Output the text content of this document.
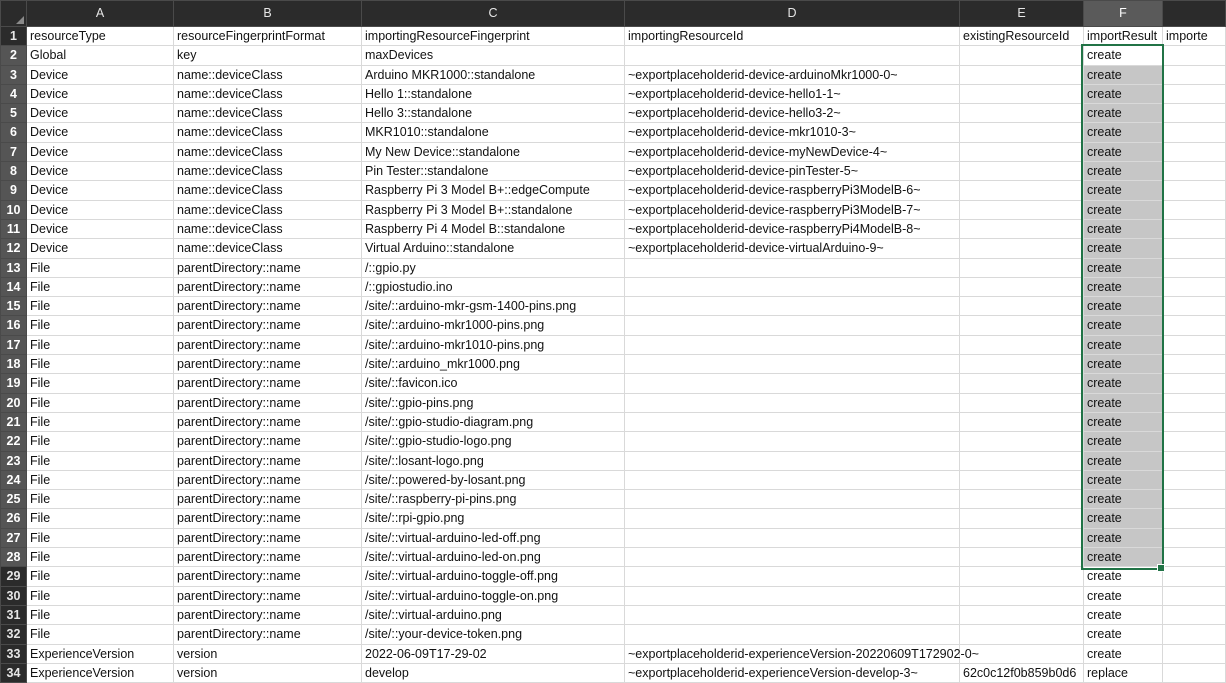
	A	B	C	D	E	F	
1	resourceType	resourceFingerprintFormat	importingResourceFingerprint	importingResourceId	existingResourceId	importResult	importe
2	Global	key	maxDevices			create	
3	Device	name::deviceClass	Arduino MKR1000::standalone	~exportplaceholderid-device-arduinoMkr1000-0~		create	
4	Device	name::deviceClass	Hello 1::standalone	~exportplaceholderid-device-hello1-1~		create	
5	Device	name::deviceClass	Hello 3::standalone	~exportplaceholderid-device-hello3-2~		create	
6	Device	name::deviceClass	MKR1010::standalone	~exportplaceholderid-device-mkr1010-3~		create	
7	Device	name::deviceClass	My New Device::standalone	~exportplaceholderid-device-myNewDevice-4~		create	
8	Device	name::deviceClass	Pin Tester::standalone	~exportplaceholderid-device-pinTester-5~		create	
9	Device	name::deviceClass	Raspberry Pi 3 Model B+::edgeCompute	~exportplaceholderid-device-raspberryPi3ModelB-6~		create	
10	Device	name::deviceClass	Raspberry Pi 3 Model B+::standalone	~exportplaceholderid-device-raspberryPi3ModelB-7~		create	
11	Device	name::deviceClass	Raspberry Pi 4 Model B::standalone	~exportplaceholderid-device-raspberryPi4ModelB-8~		create	
12	Device	name::deviceClass	Virtual Arduino::standalone	~exportplaceholderid-device-virtualArduino-9~		create	
13	File	parentDirectory::name	/::gpio.py			create	
14	File	parentDirectory::name	/::gpiostudio.ino			create	
15	File	parentDirectory::name	/site/::arduino-mkr-gsm-1400-pins.png			create	
16	File	parentDirectory::name	/site/::arduino-mkr1000-pins.png			create	
17	File	parentDirectory::name	/site/::arduino-mkr1010-pins.png			create	
18	File	parentDirectory::name	/site/::arduino_mkr1000.png			create	
19	File	parentDirectory::name	/site/::favicon.ico			create	
20	File	parentDirectory::name	/site/::gpio-pins.png			create	
21	File	parentDirectory::name	/site/::gpio-studio-diagram.png			create	
22	File	parentDirectory::name	/site/::gpio-studio-logo.png			create	
23	File	parentDirectory::name	/site/::losant-logo.png			create	
24	File	parentDirectory::name	/site/::powered-by-losant.png			create	
25	File	parentDirectory::name	/site/::raspberry-pi-pins.png			create	
26	File	parentDirectory::name	/site/::rpi-gpio.png			create	
27	File	parentDirectory::name	/site/::virtual-arduino-led-off.png			create	
28	File	parentDirectory::name	/site/::virtual-arduino-led-on.png			create	
29	File	parentDirectory::name	/site/::virtual-arduino-toggle-off.png			create	
30	File	parentDirectory::name	/site/::virtual-arduino-toggle-on.png			create	
31	File	parentDirectory::name	/site/::virtual-arduino.png			create	
32	File	parentDirectory::name	/site/::your-device-token.png			create	
33	ExperienceVersion	version	2022-06-09T17-29-02	~exportplaceholderid-experienceVersion-20220609T172902-0~		create	
34	ExperienceVersion	version	develop	~exportplaceholderid-experienceVersion-develop-3~	62c0c12f0b859b0d6	replace	
